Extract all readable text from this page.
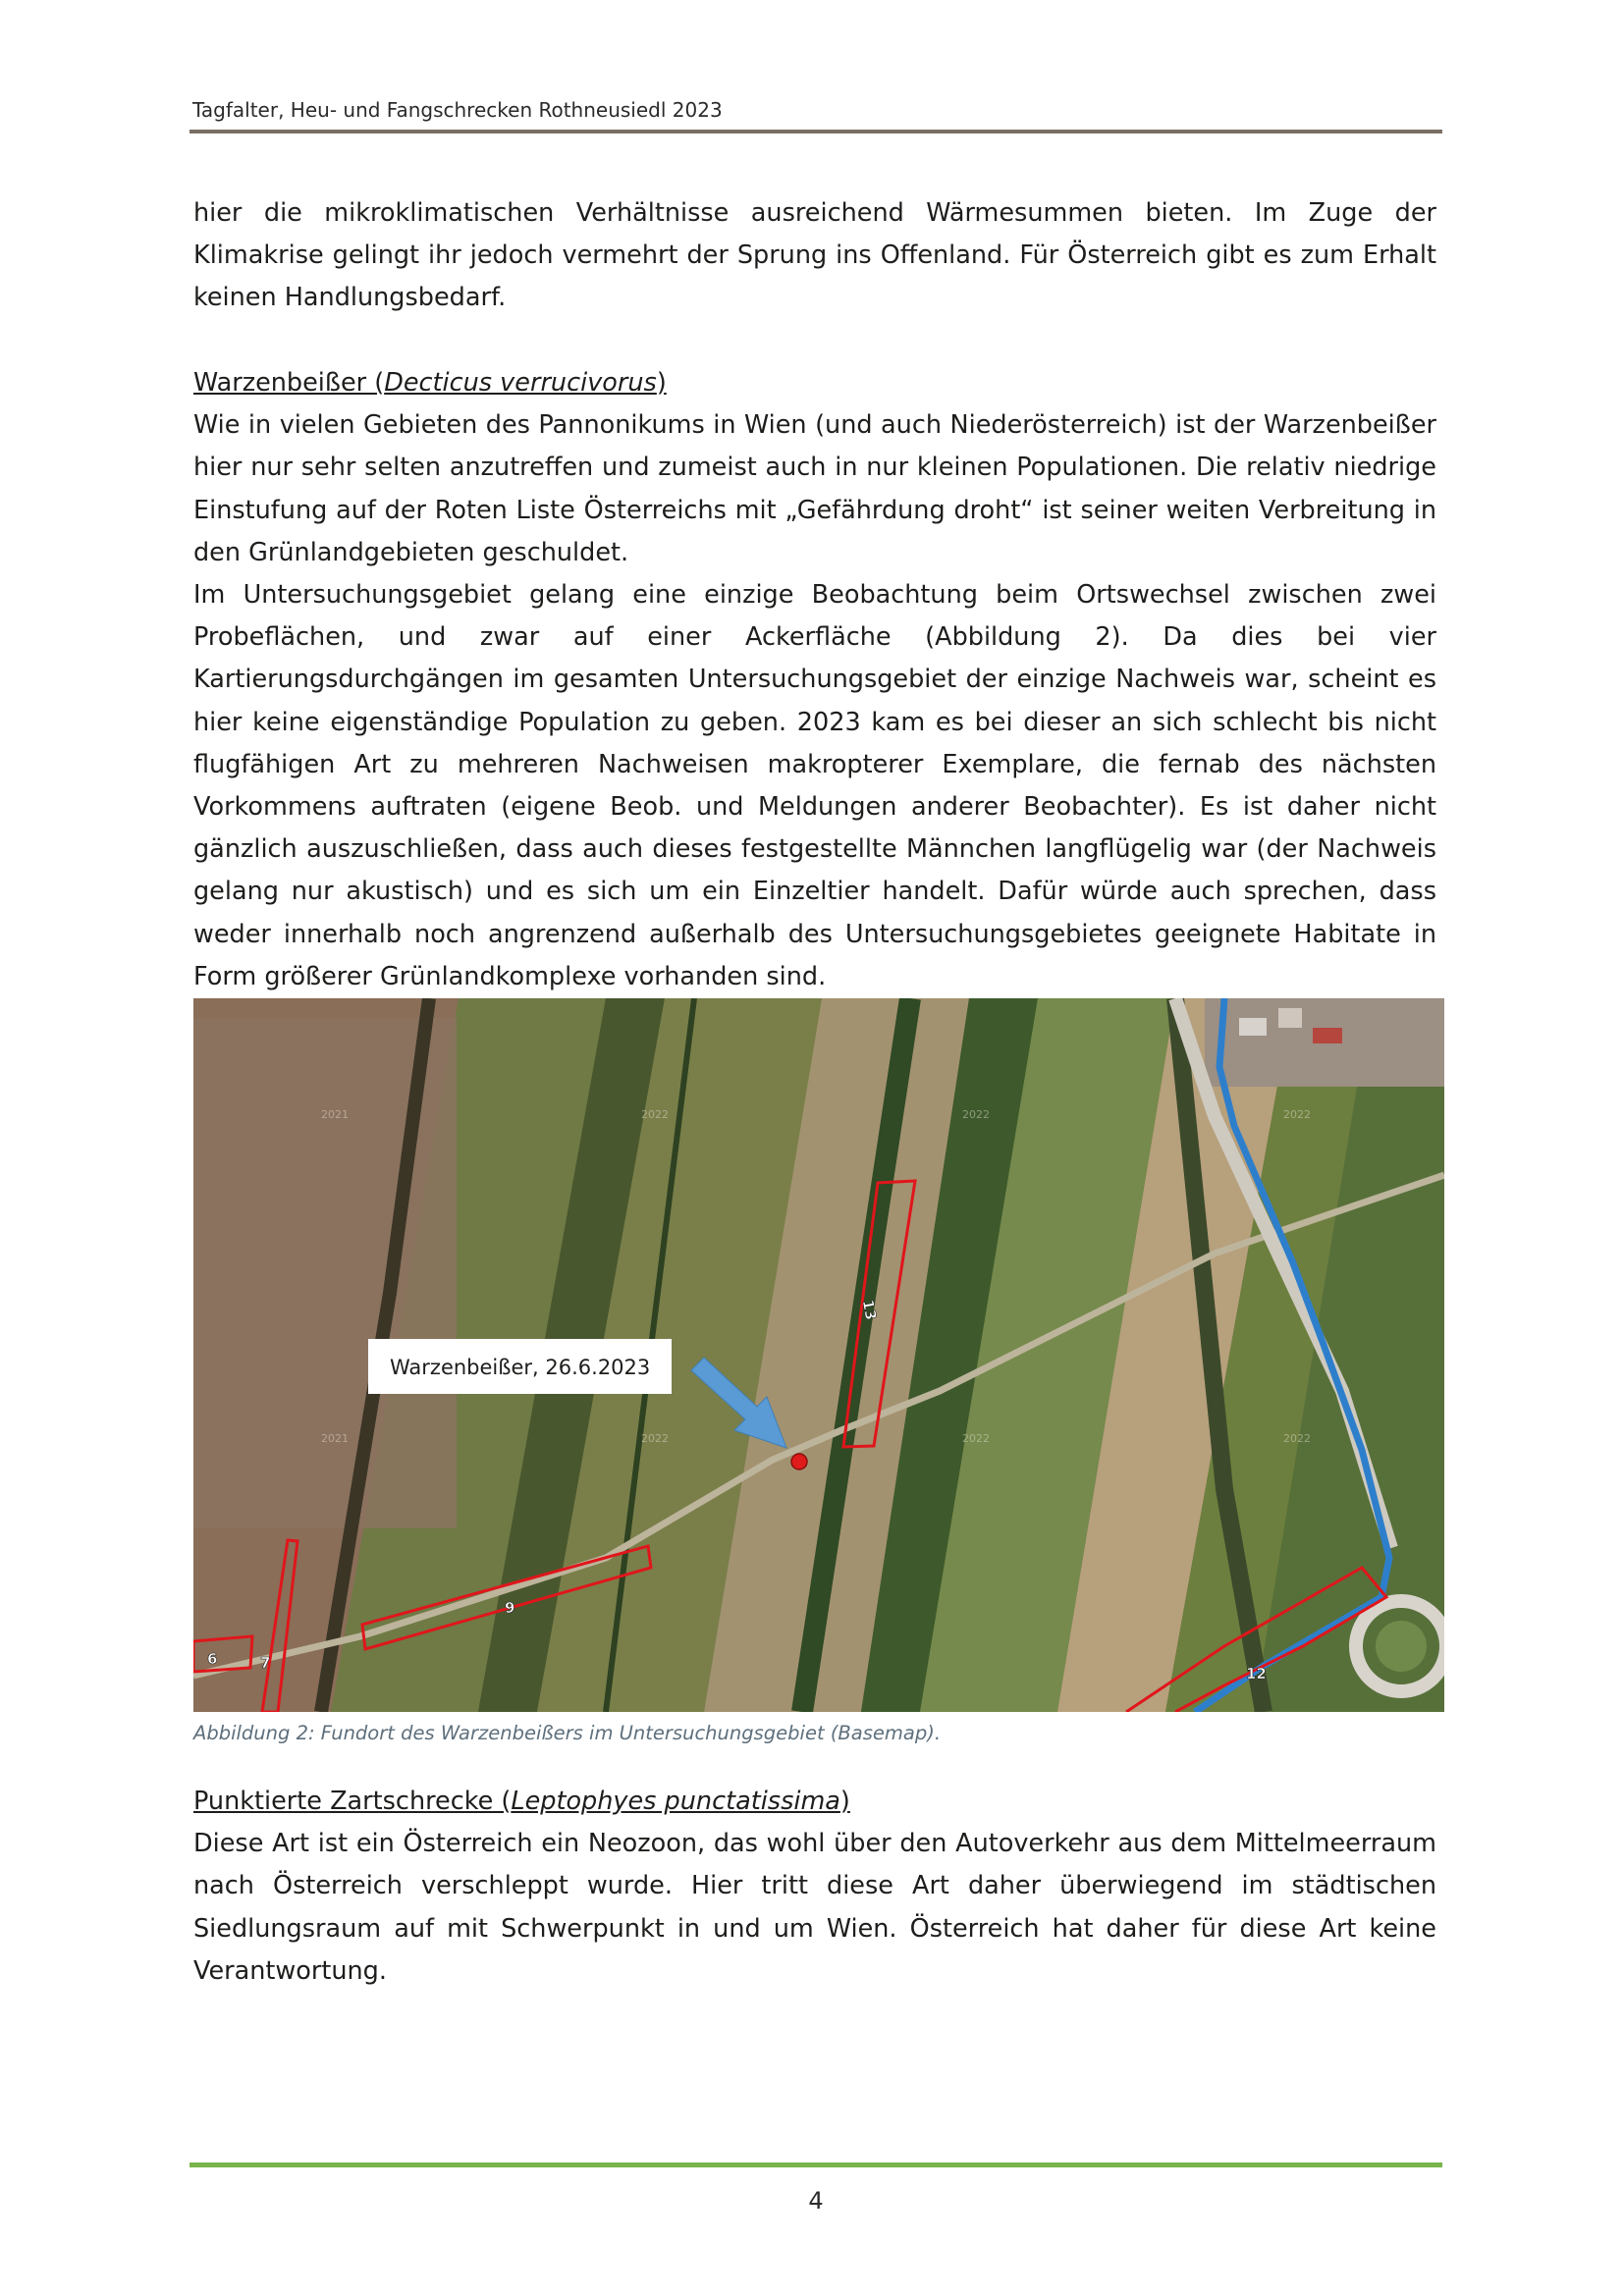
Tagfalter, Heu- und Fangschrecken Rothneusiedl 2023

hier die mikroklimatischen Verhältnisse ausreichend Wärmesummen bieten. Im Zuge der Klimakrise gelingt ihr jedoch vermehrt der Sprung ins Offenland. Für Österreich gibt es zum Erhalt keinen Handlungsbedarf.

Warzenbeißer (Decticus verrucivorus)

Wie in vielen Gebieten des Pannonikums in Wien (und auch Niederösterreich) ist der Warzenbeißer hier nur sehr selten anzutreffen und zumeist auch in nur kleinen Populationen. Die relativ niedrige Einstufung auf der Roten Liste Österreichs mit „Gefährdung droht“ ist seiner weiten Verbreitung in den Grünlandgebieten geschuldet.

Im Untersuchungsgebiet gelang eine einzige Beobachtung beim Ortswechsel zwischen zwei Probeflächen, und zwar auf einer Ackerfläche (Abbildung 2). Da dies bei vier Kartierungsdurchgängen im gesamten Untersuchungsgebiet der einzige Nachweis war, scheint es hier keine eigenständige Population zu geben. 2023 kam es bei dieser an sich schlecht bis nicht flugfähigen Art zu mehreren Nachweisen makropterer Exemplare, die fernab des nächsten Vorkommens auftraten (eigene Beob. und Meldungen anderer Beobachter). Es ist daher nicht gänzlich auszuschließen, dass auch dieses festgestellte Männchen langflügelig war (der Nachweis gelang nur akustisch) und es sich um ein Einzeltier handelt. Dafür würde auch sprechen, dass weder innerhalb noch angrenzend außerhalb des Untersuchungsgebietes geeignete Habitate in Form größerer Grünlandkomplexe vorhanden sind.

2021	2022	2022	2022
2021	2022	2022	2022
6	7
9
12
13
Warzenbeißer, 26.6.2023
Abbildung 2: Fundort des Warzenbeißers im Untersuchungsgebiet (Basemap).

Punktierte Zartschrecke (Leptophyes punctatissima)

Diese Art ist ein Österreich ein Neozoon, das wohl über den Autoverkehr aus dem Mittelmeerraum nach Österreich verschleppt wurde. Hier tritt diese Art daher überwiegend im städtischen Siedlungsraum auf mit Schwerpunkt in und um Wien. Österreich hat daher für diese Art keine Verantwortung.

4
